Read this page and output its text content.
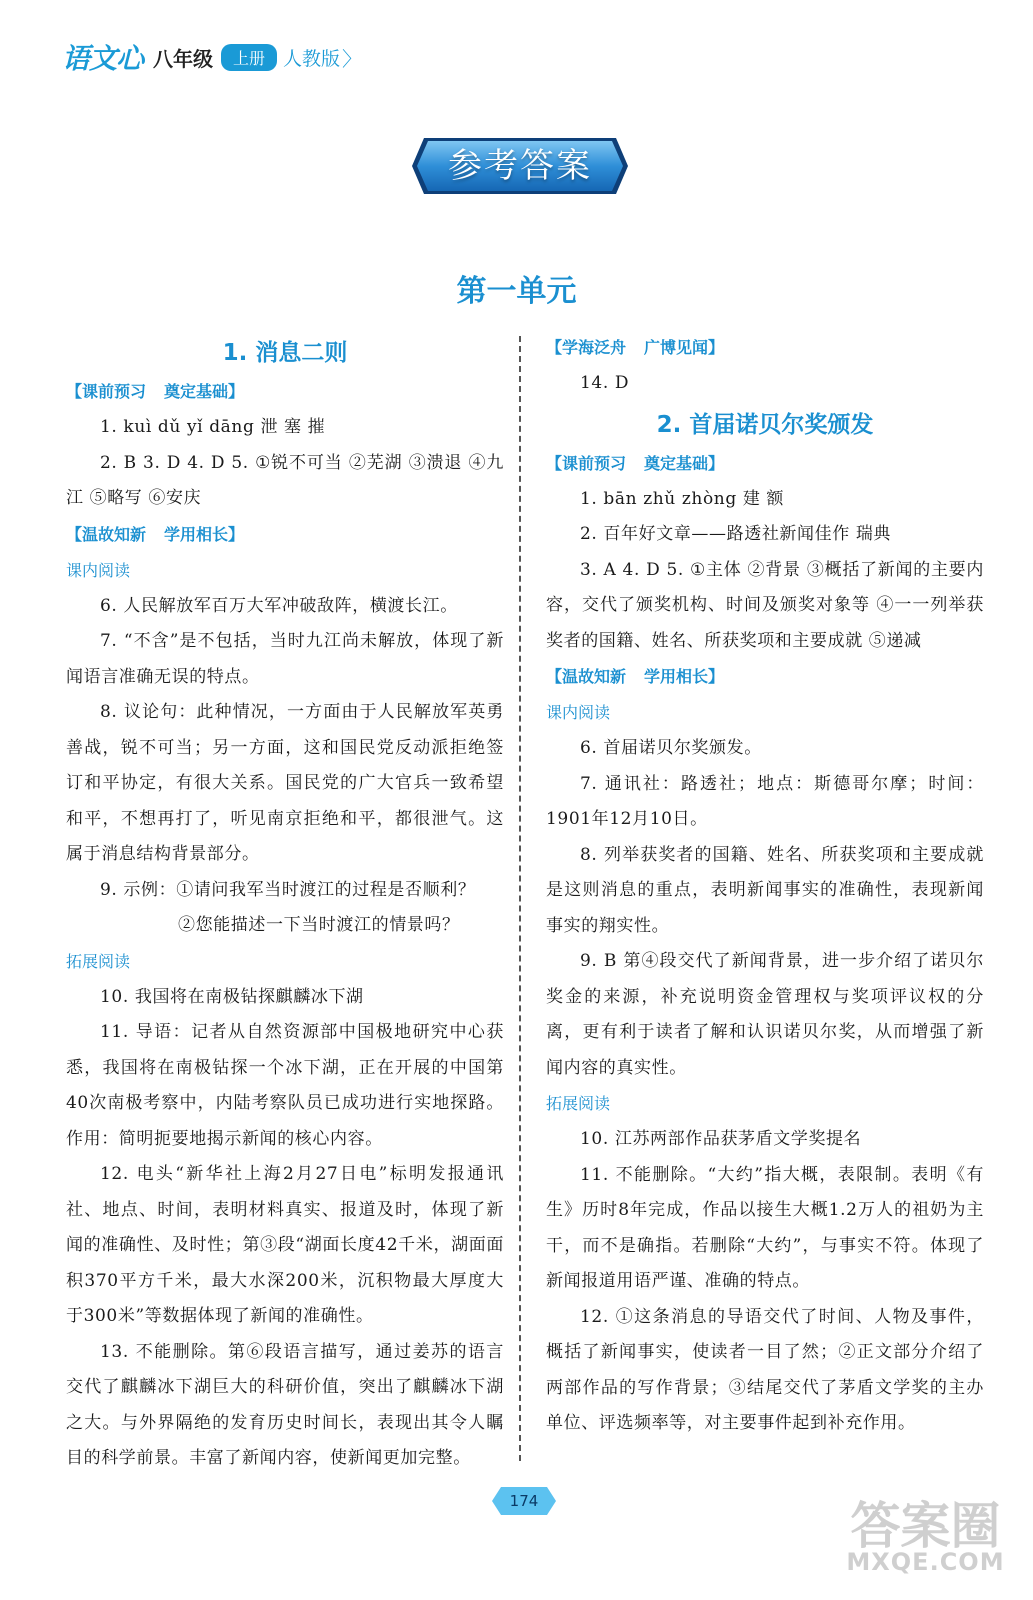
语文心 八年级	上册 人教版 〉
参考答案
第一单元
1. 消息二则
【课前预习 奠定基础】

1. kuì dǔ yǐ dāng 泄 塞 摧

2. B 3. D 4. D 5. ①锐不可当 ②芜湖 ③溃退 ④九江 ⑤略写 ⑥安庆

【温故知新 学用相长】
课内阅读

6. 人民解放军百万大军冲破敌阵，横渡长江。

7. “不含”是不包括，当时九江尚未解放，体现了新闻语言准确无误的特点。

8. 议论句：此种情况，一方面由于人民解放军英勇善战，锐不可当；另一方面，这和国民党反动派拒绝签订和平协定，有很大关系。国民党的广大官兵一致希望和平，不想再打了，听见南京拒绝和平，都很泄气。这属于消息结构背景部分。

9. 示例：①请问我军当时渡江的过程是否顺利？

②您能描述一下当时渡江的情景吗？

拓展阅读

10. 我国将在南极钻探麒麟冰下湖

11. 导语：记者从自然资源部中国极地研究中心获悉，我国将在南极钻探一个冰下湖，正在开展的中国第40次南极考察中，内陆考察队员已成功进行实地探路。作用：简明扼要地揭示新闻的核心内容。

12. 电头“新华社上海2月27日电”标明发报通讯社、地点、时间，表明材料真实、报道及时，体现了新闻的准确性、及时性；第③段“湖面长度42千米，湖面面积370平方千米，最大水深200米，沉积物最大厚度大于300米”等数据体现了新闻的准确性。

13. 不能删除。第⑥段语言描写，通过姜苏的语言交代了麒麟冰下湖巨大的科研价值，突出了麒麟冰下湖之大。与外界隔绝的发育历史时间长，表现出其令人瞩目的科学前景。丰富了新闻内容，使新闻更加完整。

【学海泛舟 广博见闻】

14. D

2. 首届诺贝尔奖颁发
【课前预习 奠定基础】

1. bān zhǔ zhòng 建 额

2. 百年好文章——路透社新闻佳作 瑞典

3. A 4. D 5. ①主体 ②背景 ③概括了新闻的主要内容，交代了颁奖机构、时间及颁奖对象等 ④一一列举获奖者的国籍、姓名、所获奖项和主要成就 ⑤递减

【温故知新 学用相长】
课内阅读

6. 首届诺贝尔奖颁发。

7. 通讯社：路透社；地点：斯德哥尔摩；时间：1901年12月10日。

8. 列举获奖者的国籍、姓名、所获奖项和主要成就是这则消息的重点，表明新闻事实的准确性，表现新闻事实的翔实性。

9. B 第④段交代了新闻背景，进一步介绍了诺贝尔奖金的来源，补充说明资金管理权与奖项评议权的分离，更有利于读者了解和认识诺贝尔奖，从而增强了新闻内容的真实性。

拓展阅读

10. 江苏两部作品获茅盾文学奖提名

11. 不能删除。“大约”指大概，表限制。表明《有生》历时8年完成，作品以接生大概1.2万人的祖奶为主干，而不是确指。若删除“大约”，与事实不符。体现了新闻报道用语严谨、准确的特点。

12. ①这条消息的导语交代了时间、人物及事件，概括了新闻事实，使读者一目了然；②正文部分介绍了两部作品的写作背景；③结尾交代了茅盾文学奖的主办单位、评选频率等，对主要事件起到补充作用。

174	答案圈
MXQE.COM
